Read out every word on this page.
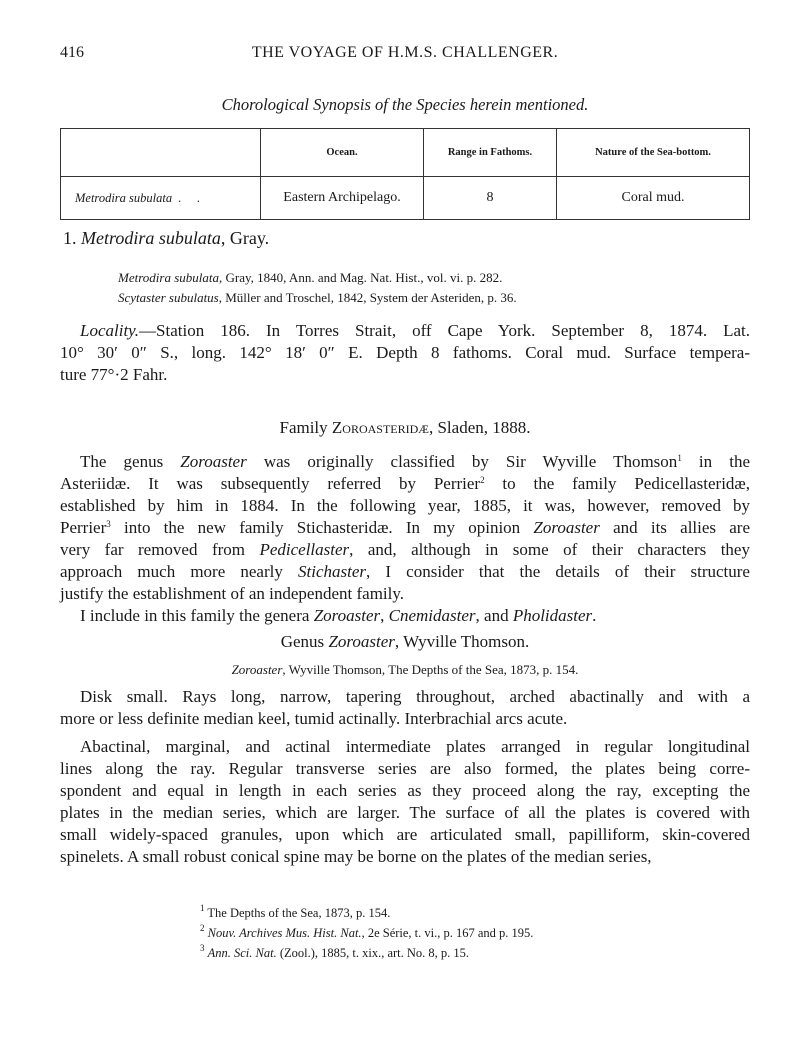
416	THE VOYAGE OF H.M.S. CHALLENGER.
Chorological Synopsis of the Species herein mentioned.
	Ocean.	Range in Fathoms.	Nature of the Sea-bottom.
Metrodira subulata  .     .	Eastern Archipelago.	8	Coral mud.
1. Metrodira subulata, Gray.
Metrodira subulata, Gray, 1840, Ann. and Mag. Nat. Hist., vol. vi. p. 282.
Scytaster subulatus, Müller and Troschel, 1842, System der Asteriden, p. 36.
Locality.—Station 186. In Torres Strait, off Cape York. September 8, 1874. Lat.
10° 30′ 0″ S., long. 142° 18′ 0″ E. Depth 8 fathoms. Coral mud. Surface tempera-
ture 77°·2 Fahr.
Family Zoroasteridæ, Sladen, 1888.
The genus Zoroaster was originally classified by Sir Wyville Thomson$^1$ in the
Asteriidæ. It was subsequently referred by Perrier$^2$ to the family Pedicellasteridæ,
established by him in 1884. In the following year, 1885, it was, however, removed by
Perrier$^3$ into the new family Stichasteridæ. In my opinion Zoroaster and its allies are
very far removed from Pedicellaster, and, although in some of their characters they
approach much more nearly Stichaster, I consider that the details of their structure
justify the establishment of an independent family.
I include in this family the genera Zoroaster, Cnemidaster, and Pholidaster.
Genus Zoroaster, Wyville Thomson.
Zoroaster, Wyville Thomson, The Depths of the Sea, 1873, p. 154.
Disk small. Rays long, narrow, tapering throughout, arched abactinally and with a
more or less definite median keel, tumid actinally. Interbrachial arcs acute.
Abactinal, marginal, and actinal intermediate plates arranged in regular longitudinal
lines along the ray. Regular transverse series are also formed, the plates being corre-
spondent and equal in length in each series as they proceed along the ray, excepting the
plates in the median series, which are larger. The surface of all the plates is covered with
small widely-spaced granules, upon which are articulated small, papilliform, skin-covered
spinelets. A small robust conical spine may be borne on the plates of the median series,
$^1$ The Depths of the Sea, 1873, p. 154.
$^2$ Nouv. Archives Mus. Hist. Nat., 2e Série, t. vi., p. 167 and p. 195.
$^3$ Ann. Sci. Nat. (Zool.), 1885, t. xix., art. No. 8, p. 15.
